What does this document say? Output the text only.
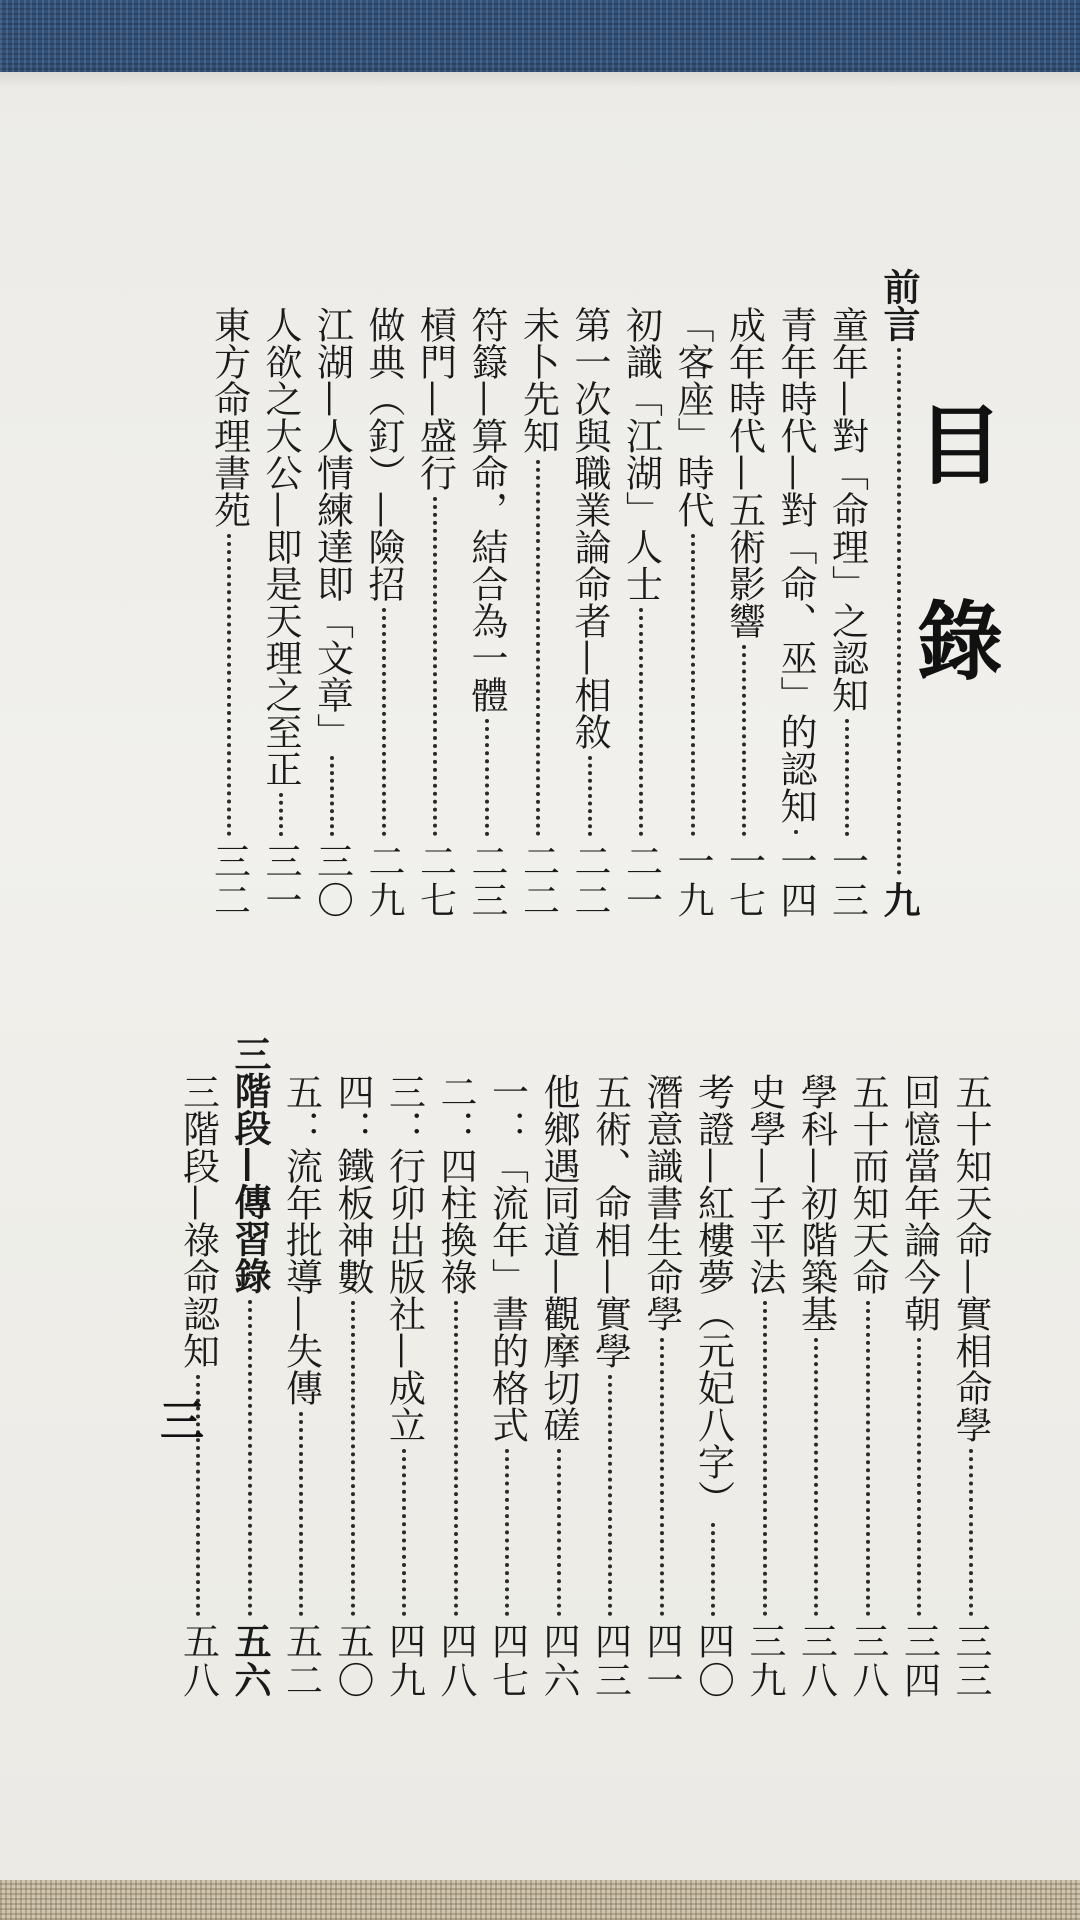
目錄
前言
九
童年—對「命理」之認知
一三
青年時代—對「命、巫」的認知
一四
成年時代—五術影響
一七
「客座」時代
一九
初識「江湖」人士
二一
第一次與職業論命者—相敘
二二
未卜先知
二二
符籙—算命，結合為一體
二三
槓門—盛行
二七
做典（釘）—險招
二九
江湖—人情練達即「文章」
三〇
人欲之大公—即是天理之至正
三一
東方命理書苑
三二
五十知天命—實相命學
三三
回憶當年論今朝
三四
五十而知天命
三八
學科—初階築基
三八
史學—子平法
三九
考證—紅樓夢（元妃八字）
四〇
潛意識書生命學
四一
五術、命相—實學
四三
他鄉遇同道—觀摩切磋
四六
一：「流年」書的格式
四七
二：四柱換祿
四八
三：行卯出版社—成立
四九
四：鐵板神數
五〇
五：流年批導—失傳
五二
三階段—傳習錄
五六
三階段—祿命認知
五八
三
